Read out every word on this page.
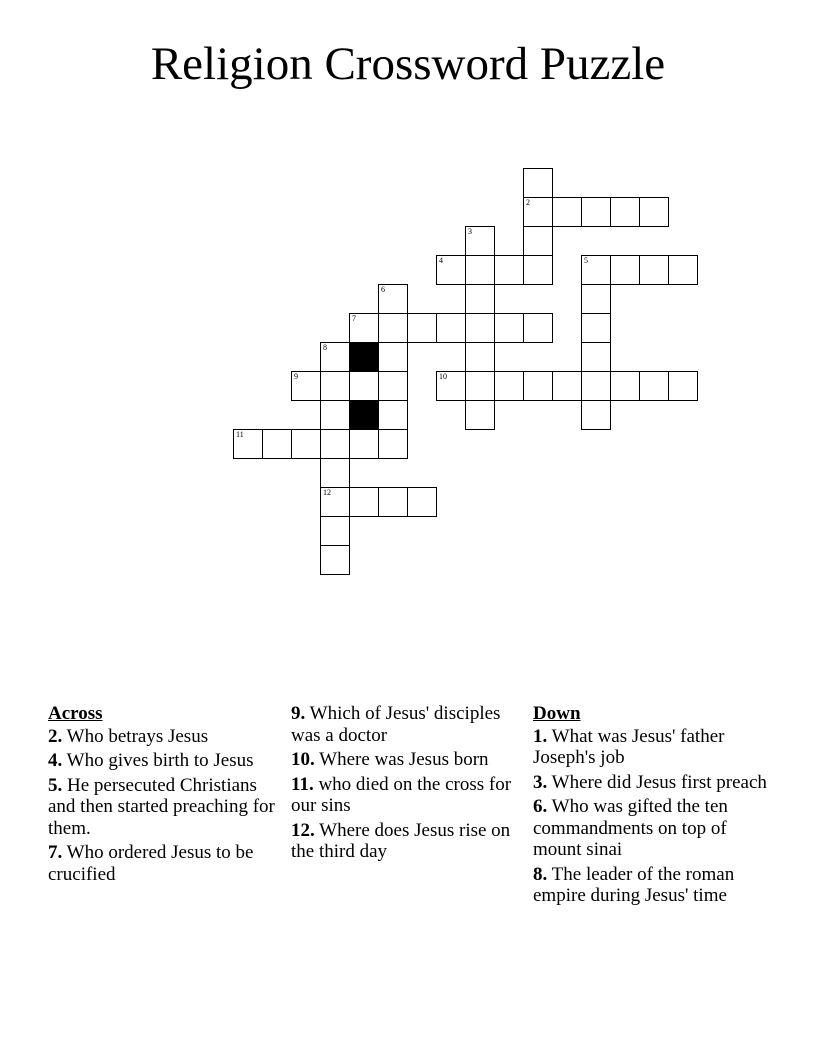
Religion Crossword Puzzle
2
3
4	5
6
7
8
9	10
11
12
Across
2. Who betrays Jesus
4. Who gives birth to Jesus
5. He persecuted Christians and then started preaching for them.
7. Who ordered Jesus to be crucified
9. Which of Jesus' disciples was a doctor
10. Where was Jesus born
11. who died on the cross for our sins
12. Where does Jesus rise on the third day
Down
1. What was Jesus' father Joseph's job
3. Where did Jesus first preach
6. Who was gifted the ten commandments on top of mount sinai
8. The leader of the roman empire during Jesus' time
